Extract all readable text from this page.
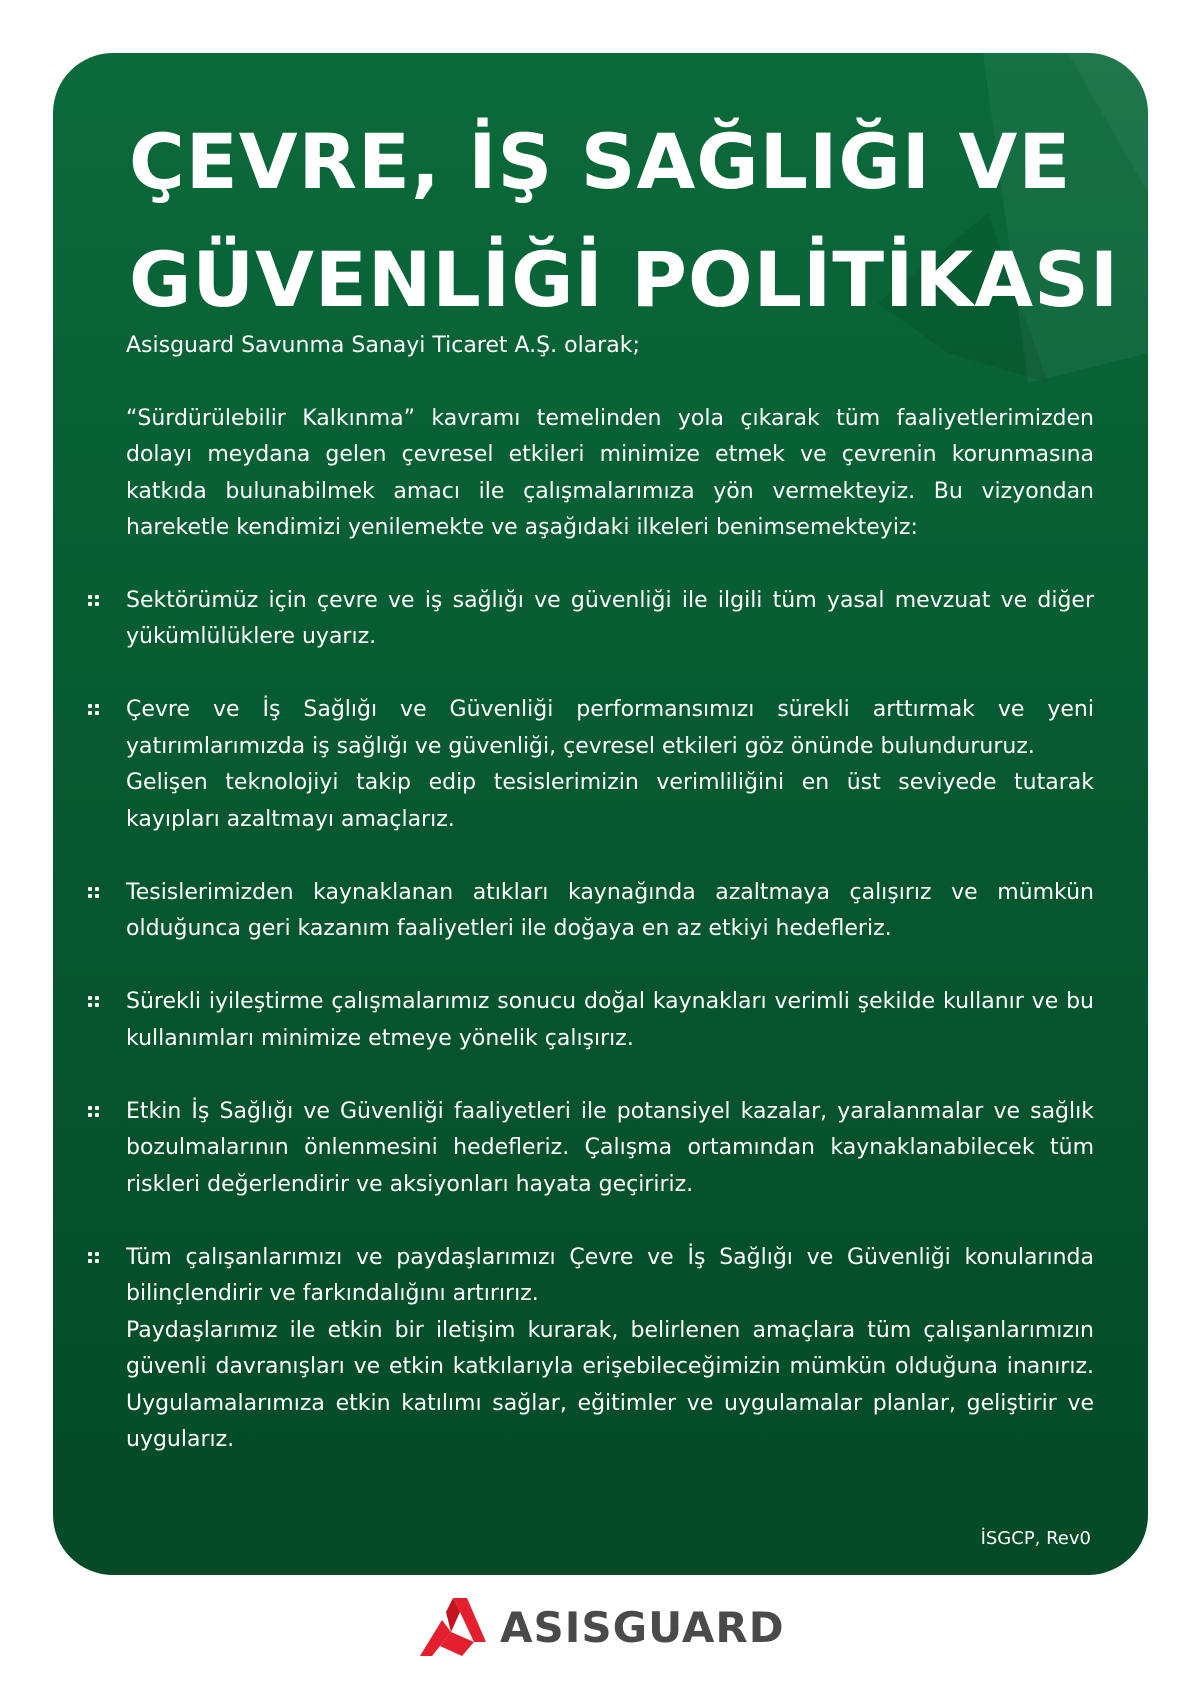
ÇEVRE, İŞ SAĞLIĞI VE
GÜVENLİĞİ POLİTİKASI

Asisguard Savunma Sanayi Ticaret A.Ş. olarak;

“Sürdürülebilir Kalkınma” kavramı temelinden yola çıkarak tüm faaliyetlerimizden dolayı meydana gelen çevresel etkileri minimize etmek ve çevrenin korunmasına katkıda bulunabilmek amacı ile çalışmalarımıza yön vermekteyiz. Bu vizyondan hareketle kendimizi yenilemekte ve aşağıdaki ilkeleri benimsemekteyiz:

Sektörümüz için çevre ve iş sağlığı ve güvenliği ile ilgili tüm yasal mevzuat ve diğer yükümlülüklere uyarız.

Çevre ve İş Sağlığı ve Güvenliği performansımızı sürekli arttırmak ve yeni yatırımlarımızda iş sağlığı ve güvenliği, çevresel etkileri göz önünde bulundururuz.

Gelişen teknolojiyi takip edip tesislerimizin verimliliğini en üst seviyede tutarak kayıpları azaltmayı amaçlarız.

Tesislerimizden kaynaklanan atıkları kaynağında azaltmaya çalışırız ve mümkün olduğunca geri kazanım faaliyetleri ile doğaya en az etkiyi hedefleriz.

Sürekli iyileştirme çalışmalarımız sonucu doğal kaynakları verimli şekilde kullanır ve bu kullanımları minimize etmeye yönelik çalışırız.

Etkin İş Sağlığı ve Güvenliği faaliyetleri ile potansiyel kazalar, yaralanmalar ve sağlık bozulmalarının önlenmesini hedefleriz. Çalışma ortamından kaynaklanabilecek tüm riskleri değerlendirir ve aksiyonları hayata geçiririz.

Tüm çalışanlarımızı ve paydaşlarımızı Çevre ve İş Sağlığı ve Güvenliği konularında bilinçlendirir ve farkındalığını artırırız.

Paydaşlarımız ile etkin bir iletişim kurarak, belirlenen amaçlara tüm çalışanlarımızın güvenli davranışları ve etkin katkılarıyla erişebileceğimizin mümkün olduğuna inanırız. Uygulamalarımıza etkin katılımı sağlar, eğitimler ve uygulamalar planlar, geliştirir ve uygularız.

İSGCP, Rev0
ASISGUARD
